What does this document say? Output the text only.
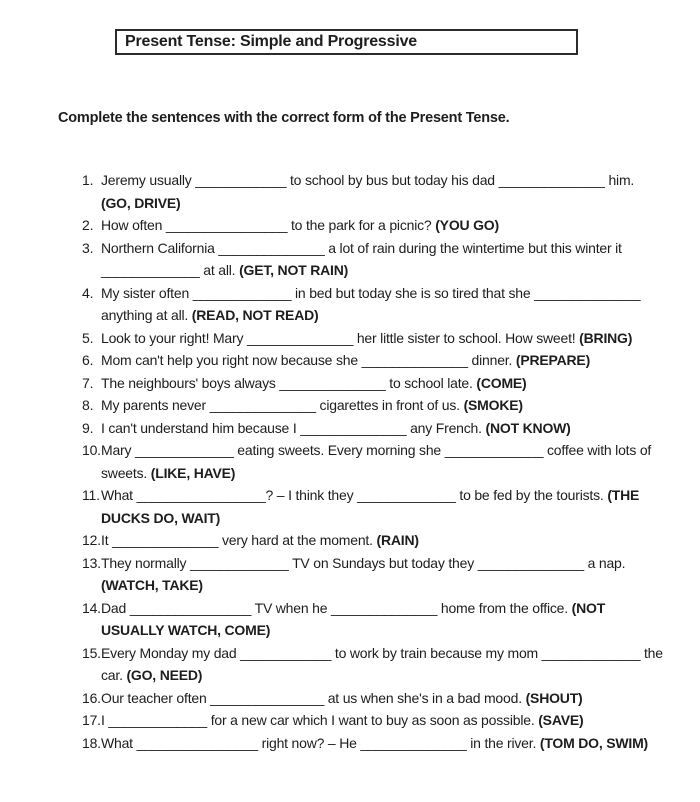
Present Tense: Simple and Progressive

Complete the sentences with the correct form of the Present Tense.

1. Jeremy usually ____________ to school by bus but today his dad ______________ him. (GO, DRIVE)

2. How often ________________ to the park for a picnic? (YOU GO)

3. Northern California ______________ a lot of rain during the wintertime but this winter it _____________ at all. (GET, NOT RAIN)

4. My sister often _____________ in bed but today she is so tired that she ______________ anything at all. (READ, NOT READ)

5. Look to your right! Mary ______________ her little sister to school. How sweet! (BRING)

6. Mom can't help you right now because she ______________ dinner. (PREPARE)

7. The neighbours' boys always ______________ to school late. (COME)

8. My parents never ______________ cigarettes in front of us. (SMOKE)

9. I can't understand him because I ______________ any French. (NOT KNOW)

10. Mary _____________ eating sweets. Every morning she _____________ coffee with lots of sweets. (LIKE, HAVE)

11. What _________________? – I think they _____________ to be fed by the tourists. (THE DUCKS DO, WAIT)

12. It ______________ very hard at the moment. (RAIN)

13. They normally _____________ TV on Sundays but today they ______________ a nap. (WATCH, TAKE)

14. Dad ________________ TV when he ______________ home from the office. (NOT USUALLY WATCH, COME)

15. Every Monday my dad ____________ to work by train because my mom _____________ the car. (GO, NEED)

16. Our teacher often _______________ at us when she's in a bad mood. (SHOUT)

17. I _____________ for a new car which I want to buy as soon as possible. (SAVE)

18. What ________________ right now? – He ______________ in the river. (TOM DO, SWIM)
